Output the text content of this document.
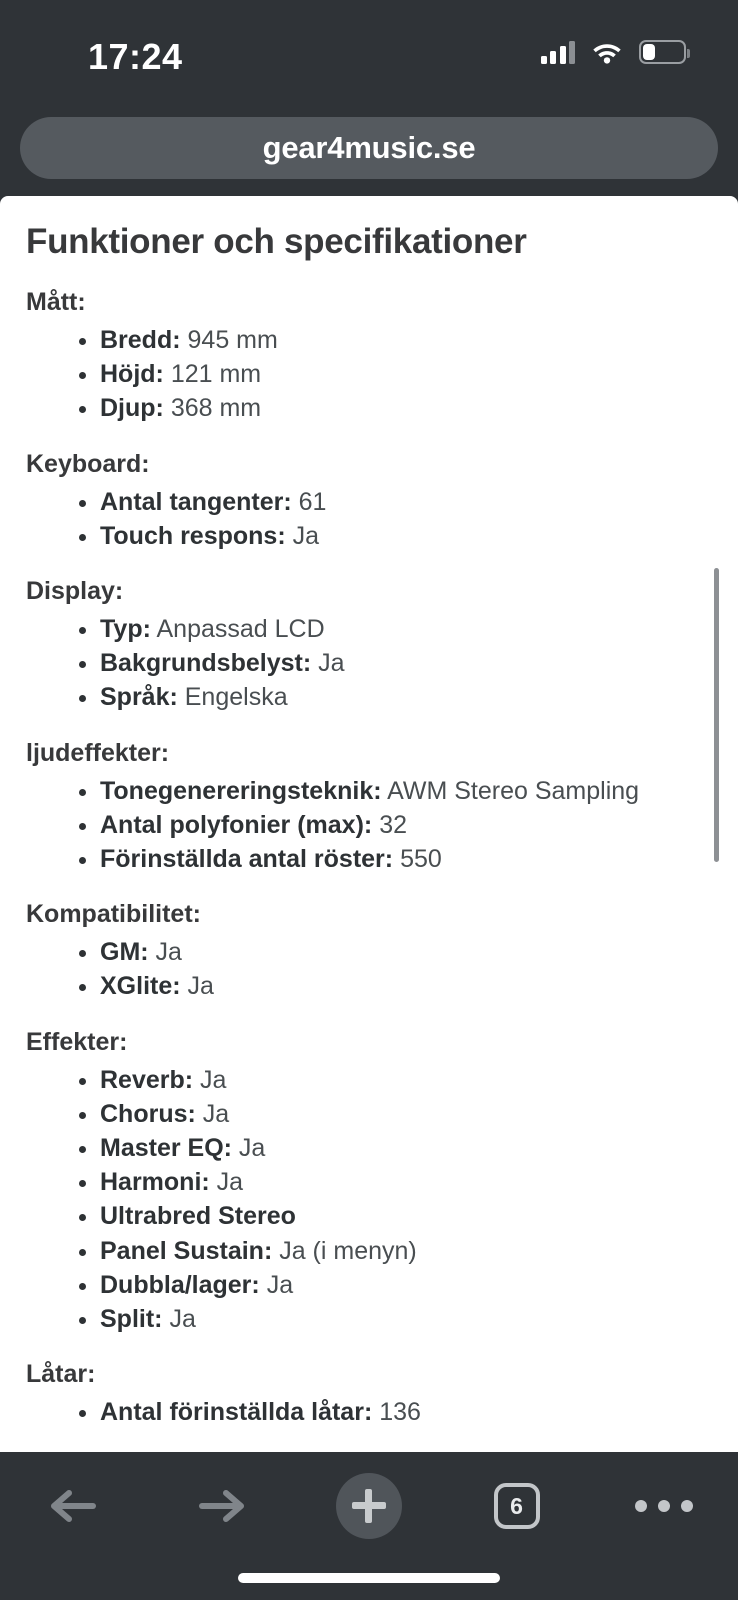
17:24
gear4music.se
Funktioner och specifikationer
Mått:
Bredd: 945 mm
Höjd: 121 mm
Djup: 368 mm
Keyboard:
Antal tangenter: 61
Touch respons: Ja
Display:
Typ: Anpassad LCD
Bakgrundsbelyst: Ja
Språk: Engelska
ljudeffekter:
Tonegenereringsteknik: AWM Stereo Sampling
Antal polyfonier (max): 32
Förinställda antal röster: 550
Kompatibilitet:
GM: Ja
XGlite: Ja
Effekter:
Reverb: Ja
Chorus: Ja
Master EQ: Ja
Harmoni: Ja
Ultrabred Stereo
Panel Sustain: Ja (i menyn)
Dubbla/lager: Ja
Split: Ja
Låtar:
Antal förinställda låtar: 136
6
